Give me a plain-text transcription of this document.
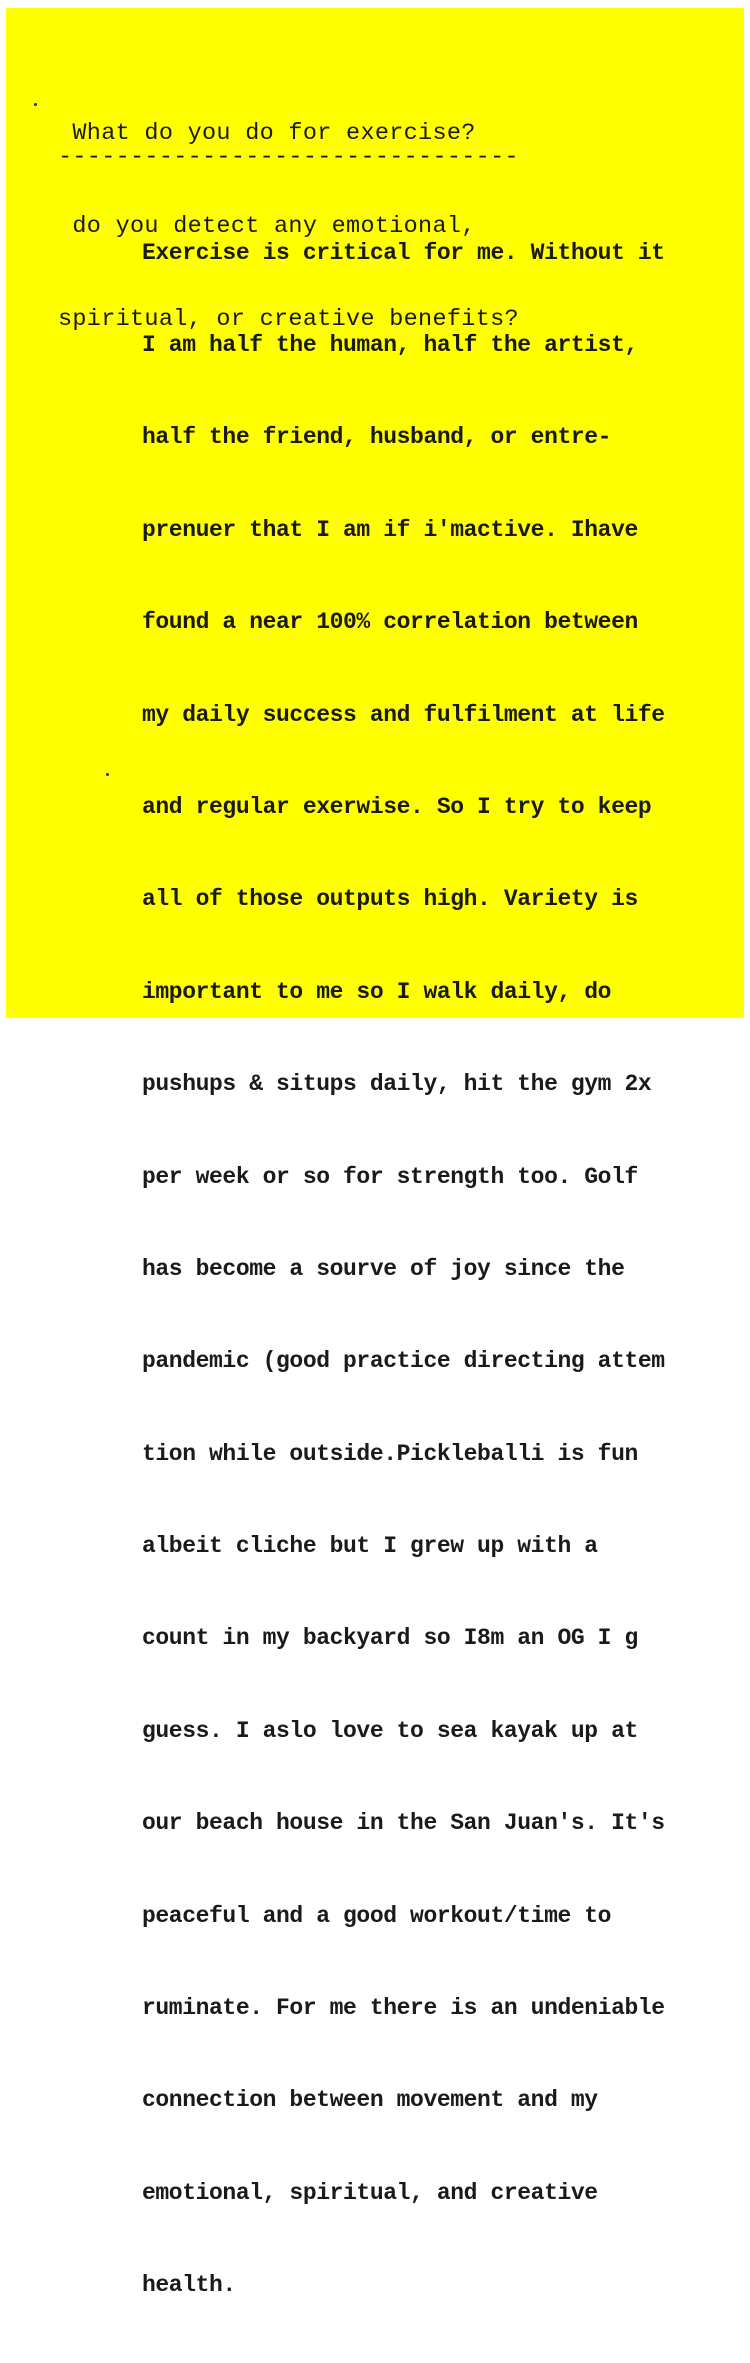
What do you do for exercise?

do you detect any emotional,

spiritual, or creative benefits?

--------------------------------

Exercise is critical for me. Without it

I am half the human, half the artist,

half the friend, husband, or entre-

prenuer that I am if i'mactive. Ihave

found a near 100% correlation between

my daily success and fulfilment at life

and regular exerwise. So I try to keep

all of those outputs high. Variety is

important to me so I walk daily, do

pushups & situps daily, hit the gym 2x

per week or so for strength too. Golf

has become a sourve of joy since the

pandemic (good practice directing attem

tion while outside.Pickleballi is fun

albeit cliche but I grew up with a

count in my backyard so I8m an OG I g

guess. I aslo love to sea kayak up at

our beach house in the San Juan's. It's

peaceful and a good workout/time to

ruminate. For me there is an undeniable

connection between movement and my

emotional, spiritual, and creative

health.
